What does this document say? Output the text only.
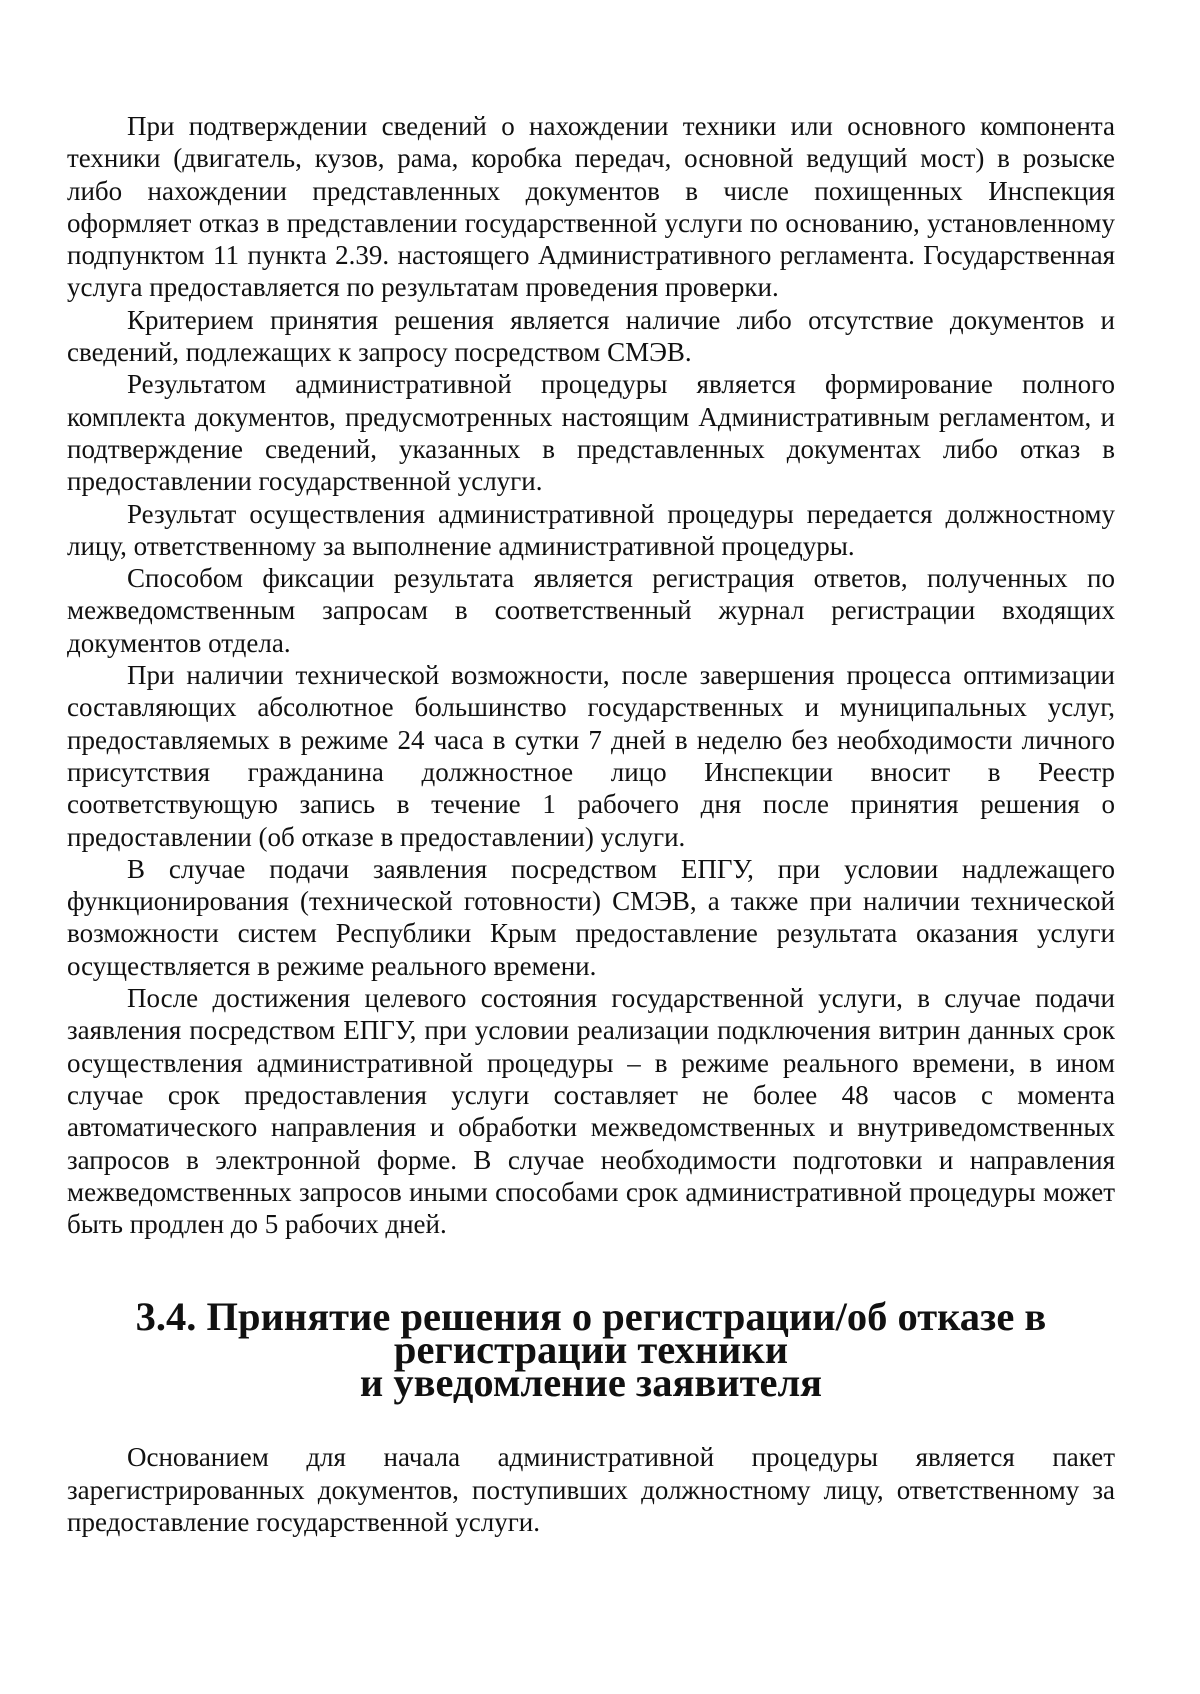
При подтверждении сведений о нахождении техники или основного компонента техники (двигатель, кузов, рама, коробка передач, основной ведущий мост) в розыске либо нахождении представленных документов в числе похищенных Инспекция оформляет отказ в представлении государственной услуги по основанию, установленному подпунктом 11 пункта 2.39. настоящего Административного регламента. Государственная услуга предоставляется по результатам проведения проверки.

Критерием принятия решения является наличие либо отсутствие документов и сведений, подлежащих к запросу посредством СМЭВ.

Результатом административной процедуры является формирование полного комплекта документов, предусмотренных настоящим Административным регламентом, и подтверждение сведений, указанных в представленных документах либо отказ в предоставлении государственной услуги.

Результат осуществления административной процедуры передается должностному лицу, ответственному за выполнение административной процедуры.

Способом фиксации результата является регистрация ответов, полученных по межведомственным запросам в соответственный журнал регистрации входящих документов отдела.

При наличии технической возможности, после завершения процесса оптимизации составляющих абсолютное большинство государственных и муниципальных услуг, предоставляемых в режиме 24 часа в сутки 7 дней в неделю без необходимости личного присутствия гражданина должностное лицо Инспекции вносит в Реестр соответствующую запись в течение 1 рабочего дня после принятия решения о предоставлении (об отказе в предоставлении) услуги.

В случае подачи заявления посредством ЕПГУ, при условии надлежащего функционирования (технической готовности) СМЭВ, а также при наличии технической возможности систем Республики Крым предоставление результата оказания услуги осуществляется в режиме реального времени.

После достижения целевого состояния государственной услуги, в случае подачи заявления посредством ЕПГУ, при условии реализации подключения витрин данных срок осуществления административной процедуры – в режиме реального времени, в ином случае срок предоставления услуги составляет не более 48 часов с момента автоматического направления и обработки межведомственных и внутриведомственных запросов в электронной форме. В случае необходимости подготовки и направления межведомственных запросов иными способами срок административной процедуры может быть продлен до 5 рабочих дней.

3.4. Принятие решения о регистрации/об отказе в регистрации техники
и уведомление заявителя

Основанием для начала административной процедуры является пакет зарегистрированных документов, поступивших должностному лицу, ответственному за предоставление государственной услуги.
